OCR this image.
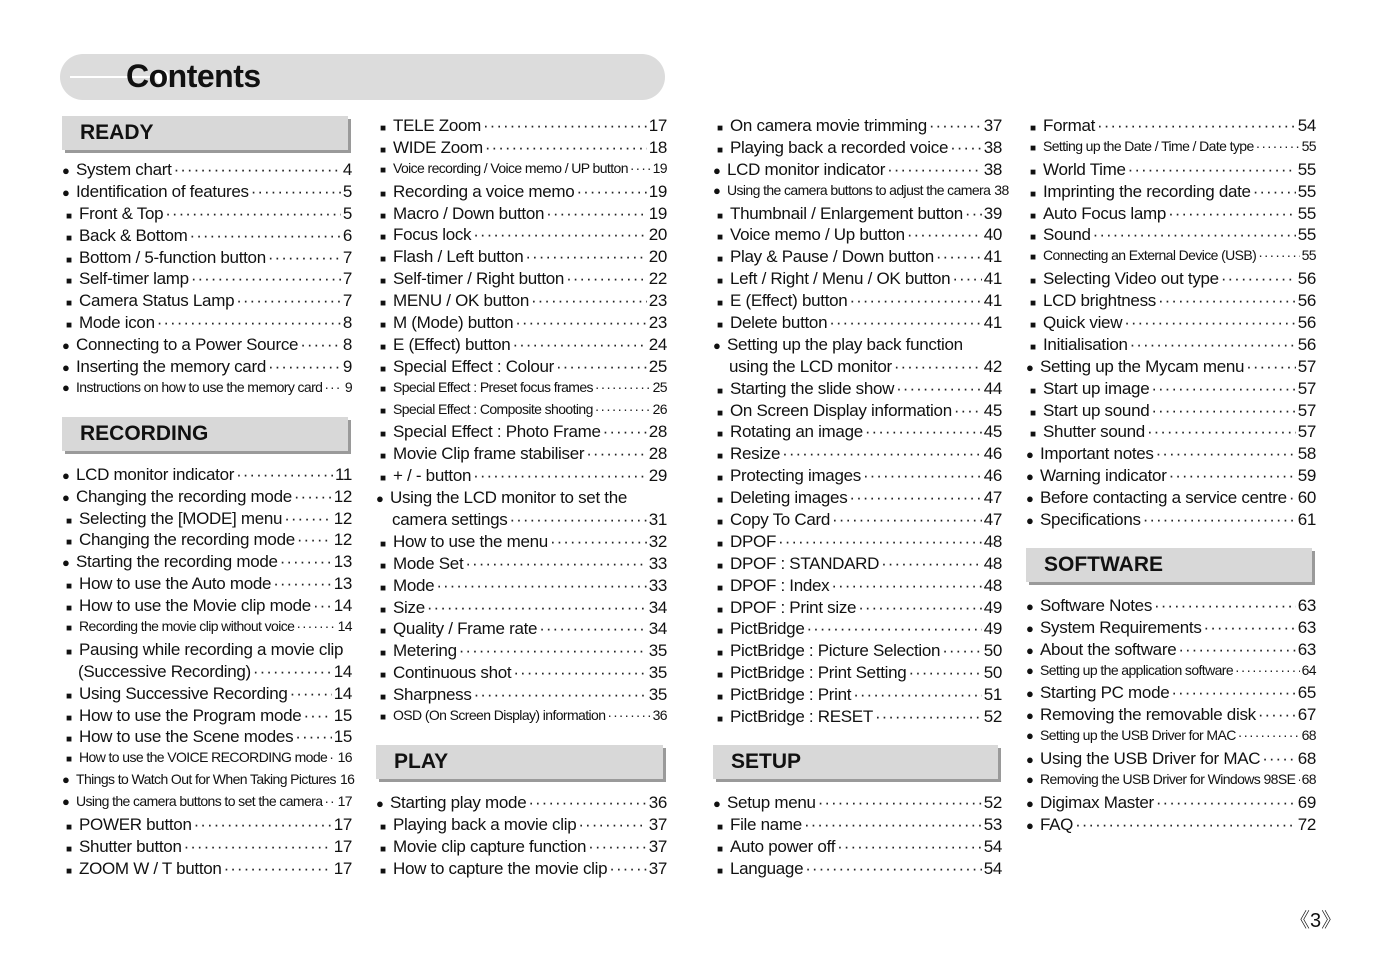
Contents
READY
● System chart ·····	4
● Identification of features ·····	5
■ Front & Top ·····	5
■ Back & Bottom ·····	6
■ Bottom / 5-function button ·····	7
■ Self-timer lamp ·····	7
■ Camera Status Lamp ·····	7
■ Mode icon ·····	8
● Connecting to a Power Source ·····	8
● Inserting the memory card ·····	9
● Instructions on how to use the memory card ····· 9
RECORDING
● LCD monitor indicator ·····	11
● Changing the recording mode ····· 12
■ Selecting the [MODE] menu ·····	12
■ Changing the recording mode ····· 12
● Starting the recording mode ·····	13
■ How to use the Auto mode ·····	13
■ How to use the Movie clip mode ····· 14
■ Recording the movie clip without voice ·····	14
■ Pausing while recording a movie clip
(Successive Recording) ·····	14
■ Using Successive Recording ·····	14
■ How to use the Program mode ····· 15
■ How to use the Scene modes ····· 15
■ How to use the VOICE RECORDING mode ····· 16
● Things to Watch Out for When Taking Pictures 16
● Using the camera buttons to set the camera ····· 17
■ POWER button ·····	17
■ Shutter button ·····	17
■ ZOOM W / T button ·····	17
■ TELE Zoom ·····	17
■ WIDE Zoom ·····	18
■ Voice recording / Voice memo / UP button ····· 19
■ Recording a voice memo ·····	19
■ Macro / Down button ·····	19
■ Focus lock ·····	20
■ Flash / Left button ·····	20
■ Self-timer / Right button ·····	22
■ MENU / OK button ·····	23
■ M (Mode) button ·····	23
■ E (Effect) button ·····	24
■ Special Effect : Colour ·····	25
■ Special Effect : Preset focus frames ·····	25
■ Special Effect : Composite shooting ·····	26
■ Special Effect : Photo Frame ·····	28
■ Movie Clip frame stabiliser ·····	28
■ + / - button ·····	29
● Using the LCD monitor to set the
camera settings ·····	31
■ How to use the menu ·····	32
■ Mode Set ·····	33
■ Mode ·····	33
■ Size ·····	34
■ Quality / Frame rate ·····	34
■ Metering ·····	35
■ Continuous shot ·····	35
■ Sharpness ·····	35
■ OSD (On Screen Display) information ·····	36
PLAY
● Starting play mode ·····	36
■ Playing back a movie clip ·····	37
■ Movie clip capture function ·····	37
■ How to capture the movie clip ····· 37
■ On camera movie trimming ·····	37
■ Playing back a recorded voice ····· 38
● LCD monitor indicator ·····	38
● Using the camera buttons to adjust the camera 38
■ Thumbnail / Enlargement button ····· 39
■ Voice memo / Up button ·····	40
■ Play & Pause / Down button ·····	41
■ Left / Right / Menu / OK button ····· 41
■ E (Effect) button ·····	41
■ Delete button ·····	41
● Setting up the play back function
using the LCD monitor ·····	42
■ Starting the slide show ·····	44
■ On Screen Display information ····· 45
■ Rotating an image ·····	45
■ Resize ·····	46
■ Protecting images ·····	46
■ Deleting images ·····	47
■ Copy To Card ·····	47
■ DPOF ·····	48
■ DPOF : STANDARD ·····	48
■ DPOF : Index ·····	48
■ DPOF : Print size ·····	49
■ PictBridge ·····	49
■ PictBridge : Picture Selection ·····	50
■ PictBridge : Print Setting ·····	50
■ PictBridge : Print ·····	51
■ PictBridge : RESET ·····	52
SETUP
● Setup menu ·····	52
■ File name ·····	53
■ Auto power off ·····	54
■ Language ·····	54
■ Format ·····	54
■ Setting up the Date / Time / Date type ·····	55
■ World Time ·····	55
■ Imprinting the recording date ·····	55
■ Auto Focus lamp ·····	55
■ Sound ·····	55
■ Connecting an External Device (USB) ·····	55
■ Selecting Video out type ·····	56
■ LCD brightness ·····	56
■ Quick view ·····	56
■ Initialisation ·····	56
● Setting up the Mycam menu ·····	57
■ Start up image ·····	57
■ Start up sound ·····	57
■ Shutter sound ·····	57
● Important notes ·····	58
● Warning indicator ·····	59
● Before contacting a service centre ····· 60
● Specifications ·····	61
SOFTWARE
● Software Notes ·····	63
● System Requirements ·····	63
● About the software ·····	63
● Setting up the application software ·····	64
● Starting PC mode ·····	65
● Removing the removable disk ····· 67
● Setting up the USB Driver for MAC ·····	68
● Using the USB Driver for MAC ····· 68
● Removing the USB Driver for Windows 98SE ····· 68
● Digimax Master ·····	69
● FAQ ·····	72
《3》
